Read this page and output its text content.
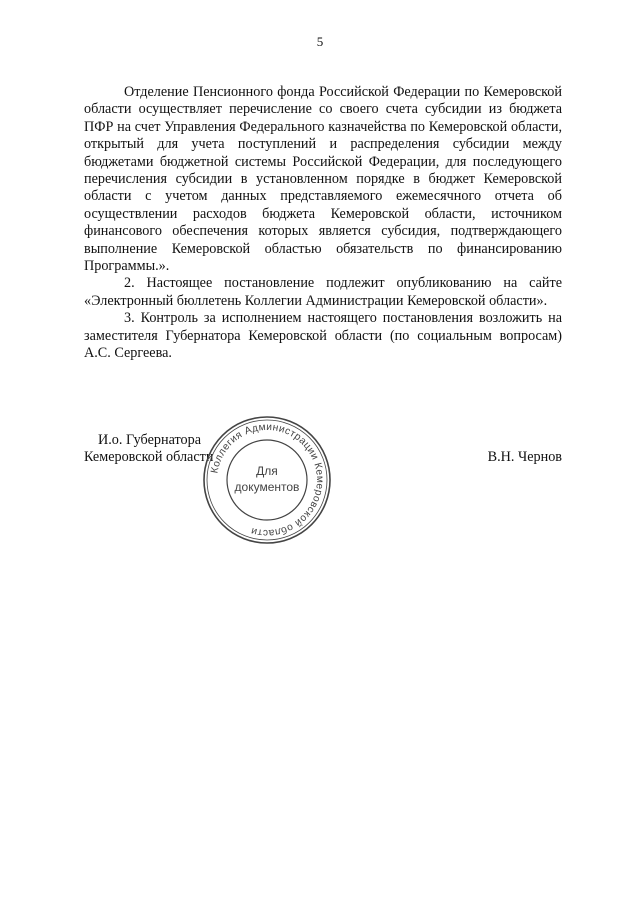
5

Отделение Пенсионного фонда Российской Федерации по Кемеровской области осуществляет перечисление со своего счета субсидии из бюджета ПФР на счет Управления Федерального казначейства по Кемеровской области, открытый для учета поступлений и распределения субсидии между бюджетами бюджетной системы Российской Федерации, для последующего перечисления субсидии в установленном порядке в бюджет Кемеровской области с учетом данных представляемого ежемесячного отчета об осуществлении расходов бюджета Кемеровской области, источником финансового обеспечения которых является субсидия, подтверждающего выполнение Кемеровской областью обязательств по финансированию Программы.».

2. Настоящее постановление подлежит опубликованию на сайте «Электронный бюллетень Коллегии Администрации Кемеровской области».

3. Контроль за исполнением настоящего постановления возложить на заместителя Губернатора Кемеровской области (по социальным вопросам) А.С. Сергеева.

И.о. Губернатора
Кемеровской области	В.Н. Чернов
Коллегия Администрации Кемеровской области
Для
документов
